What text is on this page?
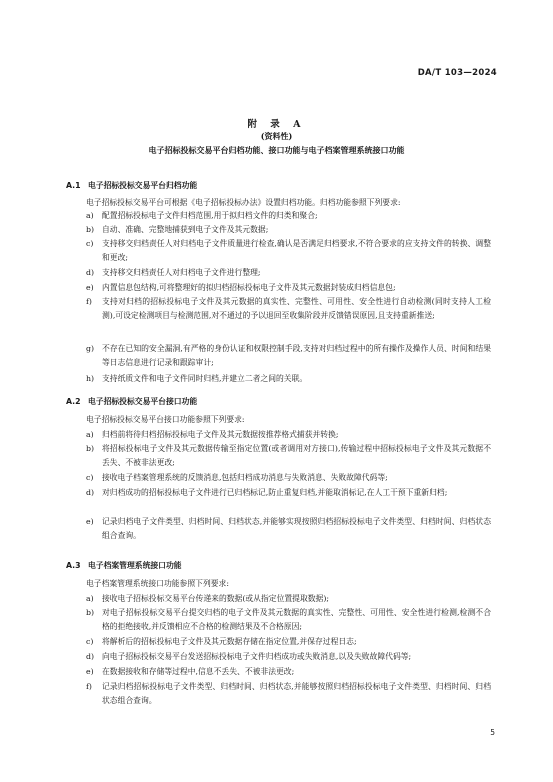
DA/T 103—2024
附 录 A
(资料性)
电子招标投标交易平台归档功能、接口功能与电子档案管理系统接口功能
A.1 电子招标投标交易平台归档功能
电子招标投标交易平台可根据《电子招标投标办法》设置归档功能。归档功能参照下列要求:
a)	配置招标投标电子文件归档范围,用于拟归档文件的归类和聚合;
b)	自动、准确、完整地捕获到电子文件及其元数据;
c)	支持移交归档责任人对归档电子文件质量进行检查,确认是否满足归档要求,不符合要求的应支持文件的转换、调整和更改;
d)	支持移交归档责任人对归档电子文件进行整理;
e)	内置信息包结构,可将整理好的拟归档招标投标电子文件及其元数据封装成归档信息包;
f)	支持对归档的招标投标电子文件及其元数据的真实性、完整性、可用性、安全性进行自动检测(同时支持人工检测),可设定检测项目与检测范围,对不通过的予以退回至收集阶段并反馈错误原因,且支持重新推送;
g)	不存在已知的安全漏洞,有严格的身份认证和权限控制手段,支持对归档过程中的所有操作及操作人员、时间和结果等日志信息进行记录和跟踪审计;
h)	支持纸质文件和电子文件同时归档,并建立二者之间的关联。
A.2 电子招标投标交易平台接口功能
电子招标投标交易平台接口功能参照下列要求:
a)	归档前将待归档招标投标电子文件及其元数据按推荐格式捕获并转换;
b)	将招标投标电子文件及其元数据传输至指定位置(或者调用对方接口),传输过程中招标投标电子文件及其元数据不丢失、不被非法更改;
c)	接收电子档案管理系统的反馈消息,包括归档成功消息与失败消息、失败故障代码等;
d)	对归档成功的招标投标电子文件进行已归档标记,防止重复归档,并能取消标记,在人工干预下重新归档;
e)	记录归档电子文件类型、归档时间、归档状态,并能够实现按照归档招标投标电子文件类型、归档时间、归档状态组合查询。
A.3 电子档案管理系统接口功能
电子档案管理系统接口功能参照下列要求:
a)	接收电子招标投标交易平台传递来的数据(或从指定位置提取数据);
b)	对电子招标投标交易平台提交归档的电子文件及其元数据的真实性、完整性、可用性、安全性进行检测,检测不合格的拒绝接收,并反馈相应不合格的检测结果及不合格原因;
c)	将解析后的招标投标电子文件及其元数据存储在指定位置,并保存过程日志;
d)	向电子招标投标交易平台发送招标投标电子文件归档成功或失败消息,以及失败故障代码等;
e)	在数据接收和存储等过程中,信息不丢失、不被非法更改;
f)	记录归档招标投标电子文件类型、归档时间、归档状态,并能够按照归档招标投标电子文件类型、归档时间、归档状态组合查询。
5
